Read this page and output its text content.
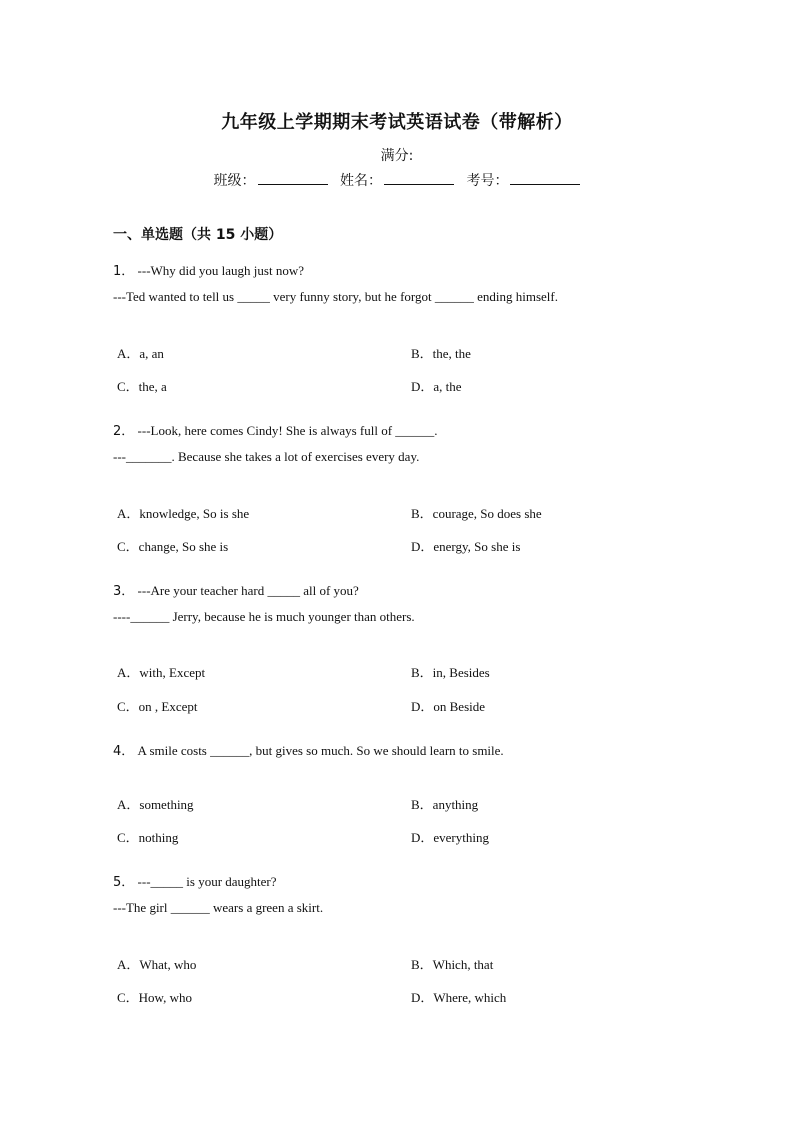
九年级上学期期末考试英语试卷（带解析）
满分:
班级：	姓名：	考号：
一、单选题（共 15 小题）
1． ---Why did you laugh just now?
---Ted wanted to tell us _____ very funny story, but he forgot ______ ending himself.
A．a, an	B．the, the
C．the, a	D．a, the
2． ---Look, here comes Cindy! She is always full of ______.
---_______. Because she takes a lot of exercises every day.
A．knowledge, So is she	B．courage, So does she
C．change, So she is	D．energy, So she is
3． ---Are your teacher hard _____ all of you?
----______ Jerry, because he is much younger than others.
A．with, Except	B．in, Besides
C．on , Except	D．on Beside
4． A smile costs ______, but gives so much. So we should learn to smile.
A．something	B．anything
C．nothing	D．everything
5． ---_____ is your daughter?
---The girl ______ wears a green a skirt.
A．What, who	B．Which, that
C．How, who	D．Where, which
